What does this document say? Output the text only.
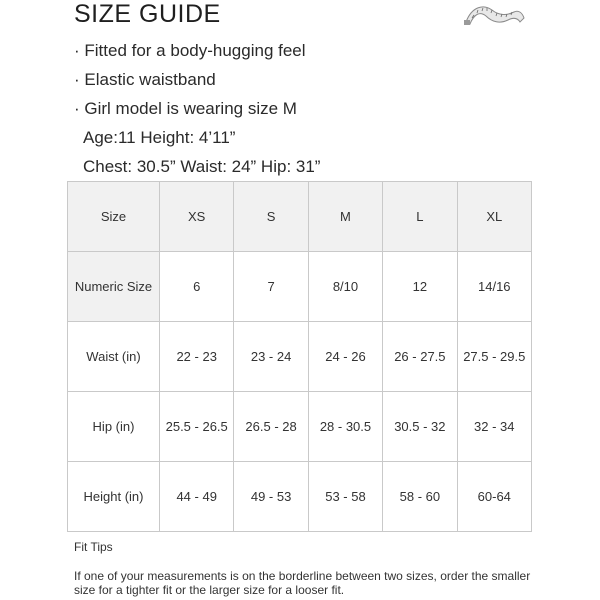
SIZE GUIDE
· Fitted for a body-hugging feel
· Elastic waistband
· Girl model is wearing size M
Age:11 Height: 4’11”
Chest: 30.5” Waist: 24” Hip: 31”
Size	XS	S	M	L	XL
Numeric Size	6	7	8/10	12	14/16
Waist (in)	22 - 23	23 - 24	24 - 26	26 - 27.5	27.5 - 29.5
Hip (in)	25.5 - 26.5	26.5 - 28	28 - 30.5	30.5 - 32	32 - 34
Height (in)	44 - 49	49 - 53	53 - 58	58 - 60	60-64
Fit Tips
If one of your measurements is on the borderline between two sizes, order the smaller size for a tighter fit or the larger size for a looser fit.
